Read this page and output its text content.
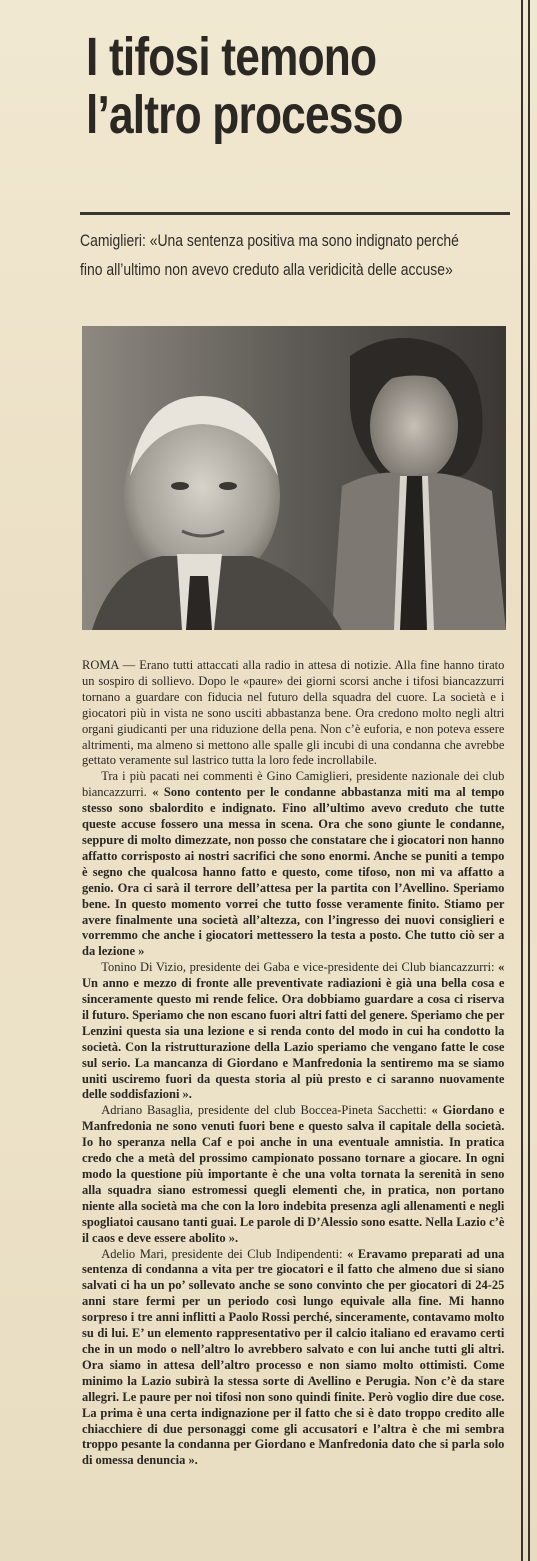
I tifosi temono
l’altro processo
Camiglieri: «Una sentenza positiva ma sono indignato perché
fino all’ultimo non avevo creduto alla veridicità delle accuse»

ROMA — Erano tutti attaccati alla radio in attesa di notizie. Alla fine hanno tirato un sospiro di sollievo. Dopo le «paure» dei giorni scorsi anche i tifosi biancazzurri tornano a guardare con fiducia nel futuro della squadra del cuore. La società e i giocatori più in vista ne sono usciti abbastanza bene. Ora credono molto negli altri organi giudicanti per una riduzione della pena. Non c’è euforia, e non poteva essere altrimenti, ma almeno si mettono alle spalle gli incubi di una condanna che avrebbe gettato veramente sul lastrico tutta la loro fede incrollabile.

Tra i più pacati nei commenti è Gino Camiglieri, presidente nazionale dei club biancazzurri. « Sono contento per le condanne abbastanza miti ma al tempo stesso sono sbalordito e indignato. Fino all’ultimo avevo creduto che tutte queste accuse fossero una messa in scena. Ora che sono giunte le condanne, seppure di molto dimezzate, non posso che constatare che i giocatori non hanno affatto corrisposto ai nostri sacrifici che sono enormi. Anche se puniti a tempo è segno che qualcosa hanno fatto e questo, come tifoso, non mi va affatto a genio. Ora ci sarà il terrore dell’attesa per la partita con l’Avellino. Speriamo bene. In questo momento vorrei che tutto fosse veramente finito. Stiamo per avere finalmente una società all’altezza, con l’ingresso dei nuovi consiglieri e vorremmo che anche i giocatori mettessero la testa a posto. Che tutto ciò ser a da lezione »

Tonino Di Vizio, presidente dei Gaba e vice-presidente dei Club biancazzurri: « Un anno e mezzo di fronte alle preventivate radiazioni è già una bella cosa e sinceramente questo mi rende felice. Ora dobbiamo guardare a cosa ci riserva il futuro. Speriamo che non escano fuori altri fatti del genere. Speriamo che per Lenzini questa sia una lezione e si renda conto del modo in cui ha condotto la società. Con la ristrutturazione della Lazio speriamo che vengano fatte le cose sul serio. La mancanza di Giordano e Manfredonia la sentiremo ma se siamo uniti usciremo fuori da questa storia al più presto e ci saranno nuovamente delle soddisfazioni ».

Adriano Basaglia, presidente del club Boccea-Pineta Sacchetti: « Giordano e Manfredonia ne sono venuti fuori bene e questo salva il capitale della società. Io ho speranza nella Caf e poi anche in una eventuale amnistia. In pratica credo che a metà del prossimo campionato possano tornare a giocare. In ogni modo la questione più importante è che una volta tornata la serenità in seno alla squadra siano estromessi quegli elementi che, in pratica, non portano niente alla società ma che con la loro indebita presenza agli allenamenti e negli spogliatoi causano tanti guai. Le parole di D’Alessio sono esatte. Nella Lazio c’è il caos e deve essere abolito ».

Adelio Mari, presidente dei Club Indipendenti: « Eravamo preparati ad una sentenza di condanna a vita per tre giocatori e il fatto che almeno due si siano salvati ci ha un po’ sollevato anche se sono convinto che per giocatori di 24-25 anni stare fermi per un periodo così lungo equivale alla fine. Mi hanno sorpreso i tre anni inflitti a Paolo Rossi perché, sinceramente, contavamo molto su di lui. E’ un elemento rappresentativo per il calcio italiano ed eravamo certi che in un modo o nell’altro lo avrebbero salvato e con lui anche tutti gli altri. Ora siamo in attesa dell’altro processo e non siamo molto ottimisti. Come minimo la Lazio subirà la stessa sorte di Avellino e Perugia. Non c’è da stare allegri. Le paure per noi tifosi non sono quindi finite. Però voglio dire due cose. La prima è una certa indignazione per il fatto che si è dato troppo credito alle chiacchiere di due personaggi come gli accusatori e l’altra è che mi sembra troppo pesante la condanna per Giordano e Manfredonia dato che si parla solo di omessa denuncia ».
